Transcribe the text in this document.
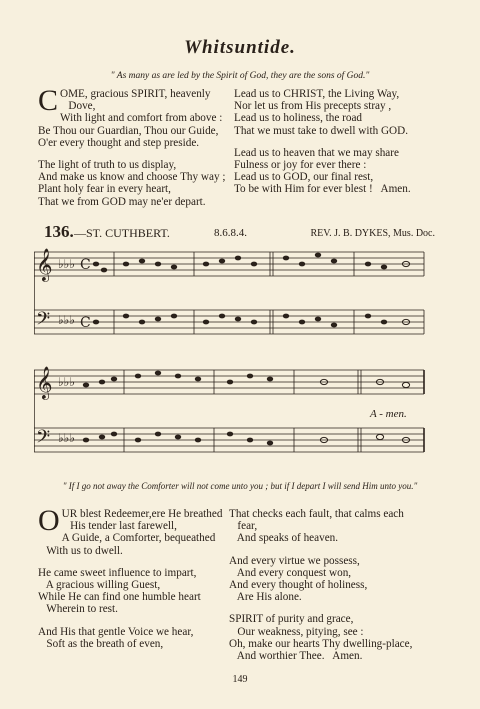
Whitsuntide.
" As many as are led by the Spirit of God, they are the sons of God."
C OME, gracious SPIRIT, heavenly
Dove,
With light and comfort from above :
Be Thou our Guardian, Thou our Guide,
O'er every thought and step preside.
The light of truth to us display,
And make us know and choose Thy way ;
Plant holy fear in every heart,
That we from GOD may ne'er depart.
Lead us to CHRIST, the Living Way,
Nor let us from His precepts stray ,
Lead us to holiness, the road
That we must take to dwell with GOD.
Lead us to heaven that we may share
Fulness or joy for ever there :
Lead us to GOD, our final rest,
To be with Him for ever blest !   Amen.
136. —ST. CUTHBERT.	8.6.8.4.	REV. J. B. DYKES, Mus. Doc.
𝄞
𝄢
♭♭♭
♭♭♭
C
C
𝄞
𝄢
♭♭♭
♭♭♭
A - men.
" If I go not away the Comforter will not come unto you ; but if I depart I will send Him unto you."
O UR blest Redeemer,ere He breathed
His tender last farewell,
A Guide, a Comforter, bequeathed
With us to dwell.
He came sweet influence to impart,
A gracious willing Guest,
While He can find one humble heart
Wherein to rest.
And His that gentle Voice we hear,
Soft as the breath of even,
That checks each fault, that calms each
fear,
And speaks of heaven.
And every virtue we possess,
And every conquest won,
And every thought of holiness,
Are His alone.
SPIRIT of purity and grace,
Our weakness, pitying, see :
Oh, make our hearts Thy dwelling-place,
And worthier Thee.   Amen.
149
